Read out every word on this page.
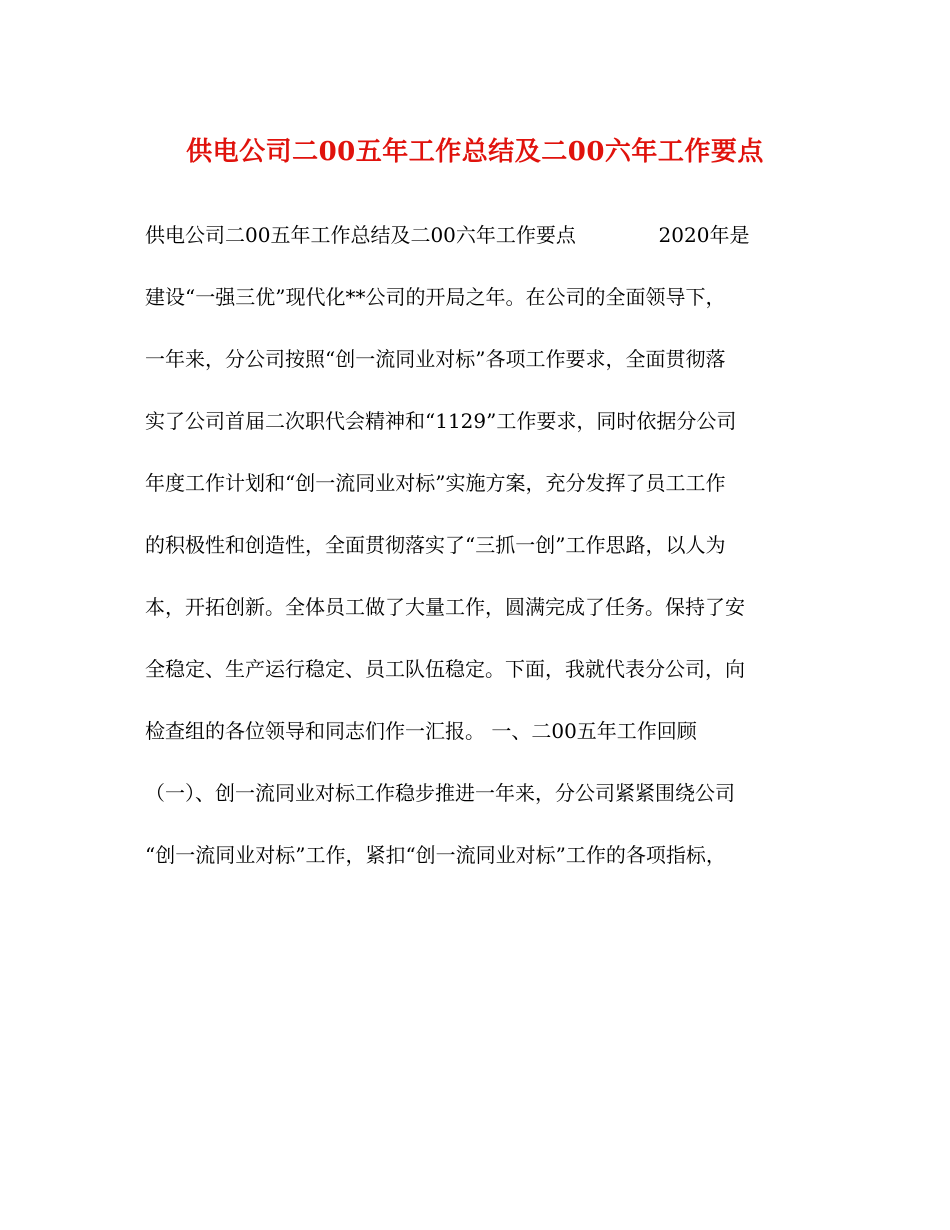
供电公司二00五年工作总结及二00六年工作要点
供电公司二00五年工作总结及二00六年工作要点             2020年是
建设“一强三优”现代化**公司的开局之年。在公司的全面领导下，
一年来，分公司按照“创一流同业对标”各项工作要求，全面贯彻落
实了公司首届二次职代会精神和“1129”工作要求，同时依据分公司
年度工作计划和“创一流同业对标”实施方案，充分发挥了员工工作
的积极性和创造性，全面贯彻落实了“三抓一创”工作思路，以人为
本，开拓创新。全体员工做了大量工作，圆满完成了任务。保持了安
全稳定、生产运行稳定、员工队伍稳定。下面，我就代表分公司，向
检查组的各位领导和同志们作一汇报。 一、二00五年工作回顾
（一）、创一流同业对标工作稳步推进一年来，分公司紧紧围绕公司
“创一流同业对标”工作，紧扣“创一流同业对标”工作的各项指标，
